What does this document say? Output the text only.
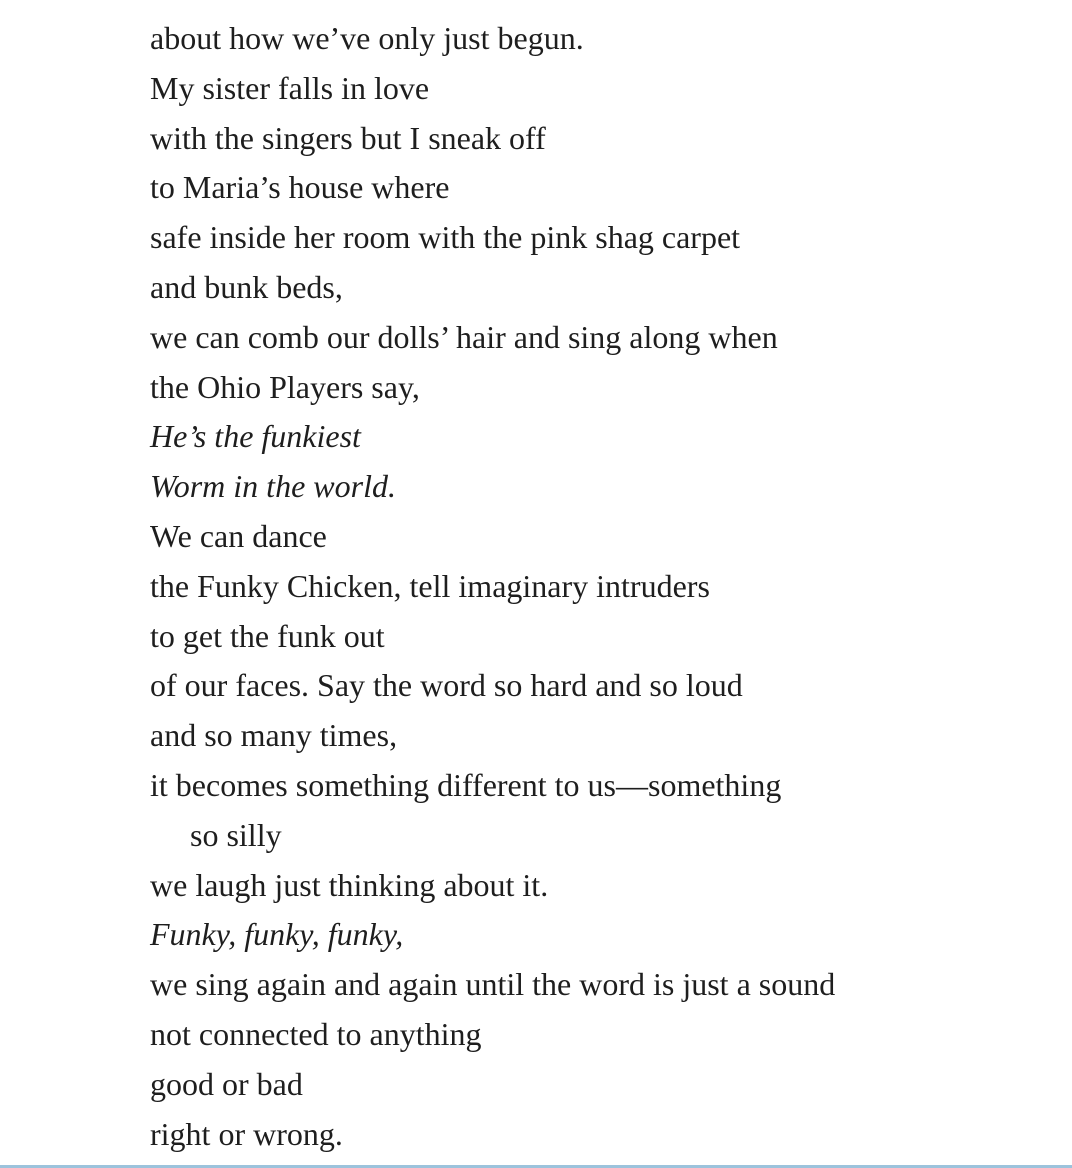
about how we’ve only just begun.
My sister falls in love
with the singers but I sneak off
to Maria’s house where
safe inside her room with the pink shag carpet
and bunk beds,
we can comb our dolls’ hair and sing along when
the Ohio Players say,
He’s the funkiest
Worm in the world.
We can dance
the Funky Chicken, tell imaginary intruders
to get the funk out
of our faces. Say the word so hard and so loud
and so many times,
it becomes something different to us—something
so silly
we laugh just thinking about it.
Funky, funky, funky,
we sing again and again until the word is just a sound
not connected to anything
good or bad
right or wrong.
